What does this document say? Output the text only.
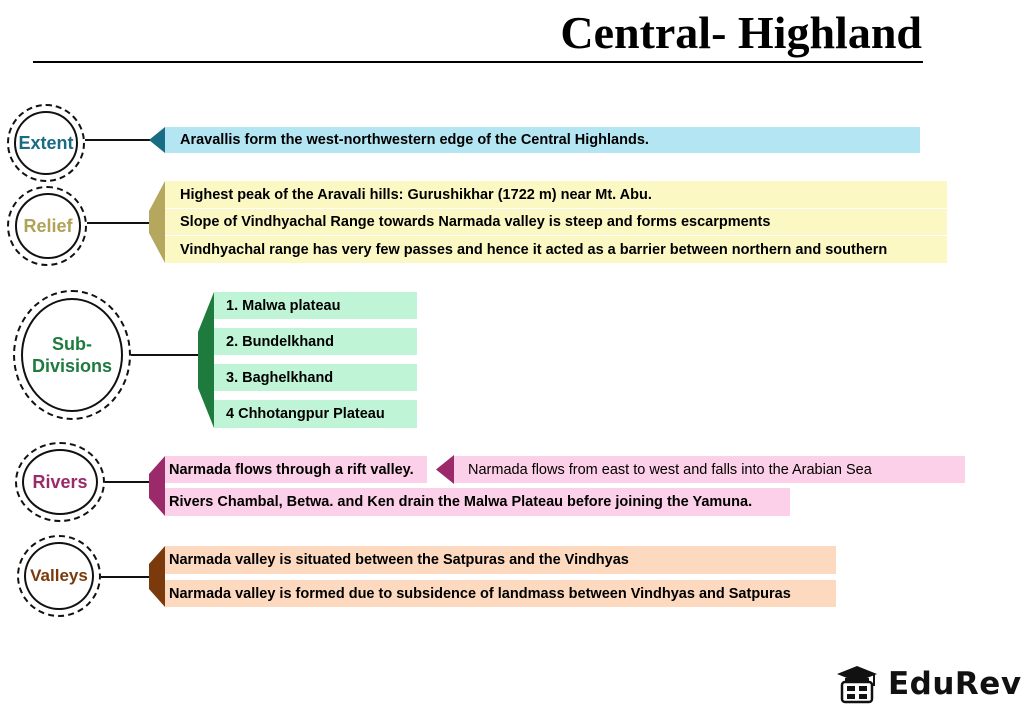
Central- Highland
Extent	Aravallis form the west-northwestern edge of the Central Highlands.
Relief
Highest peak of the Aravali hills: Gurushikhar (1722 m) near Mt. Abu.
Slope of Vindhyachal Range towards Narmada valley is steep and forms escarpments
Vindhyachal range has very few passes and hence it acted as a barrier between northern and southern
Sub-
Divisions
1. Malwa plateau
2. Bundelkhand
3. Baghelkhand
4 Chhotangpur Plateau
Rivers
Narmada flows through a rift valley.	Narmada flows from east to west and falls into the Arabian Sea
Rivers Chambal, Betwa. and Ken drain the Malwa Plateau before joining the Yamuna.
Valleys
Narmada valley is situated between the Satpuras and the Vindhyas
Narmada valley is formed due to subsidence of landmass between Vindhyas and Satpuras
EduRev
